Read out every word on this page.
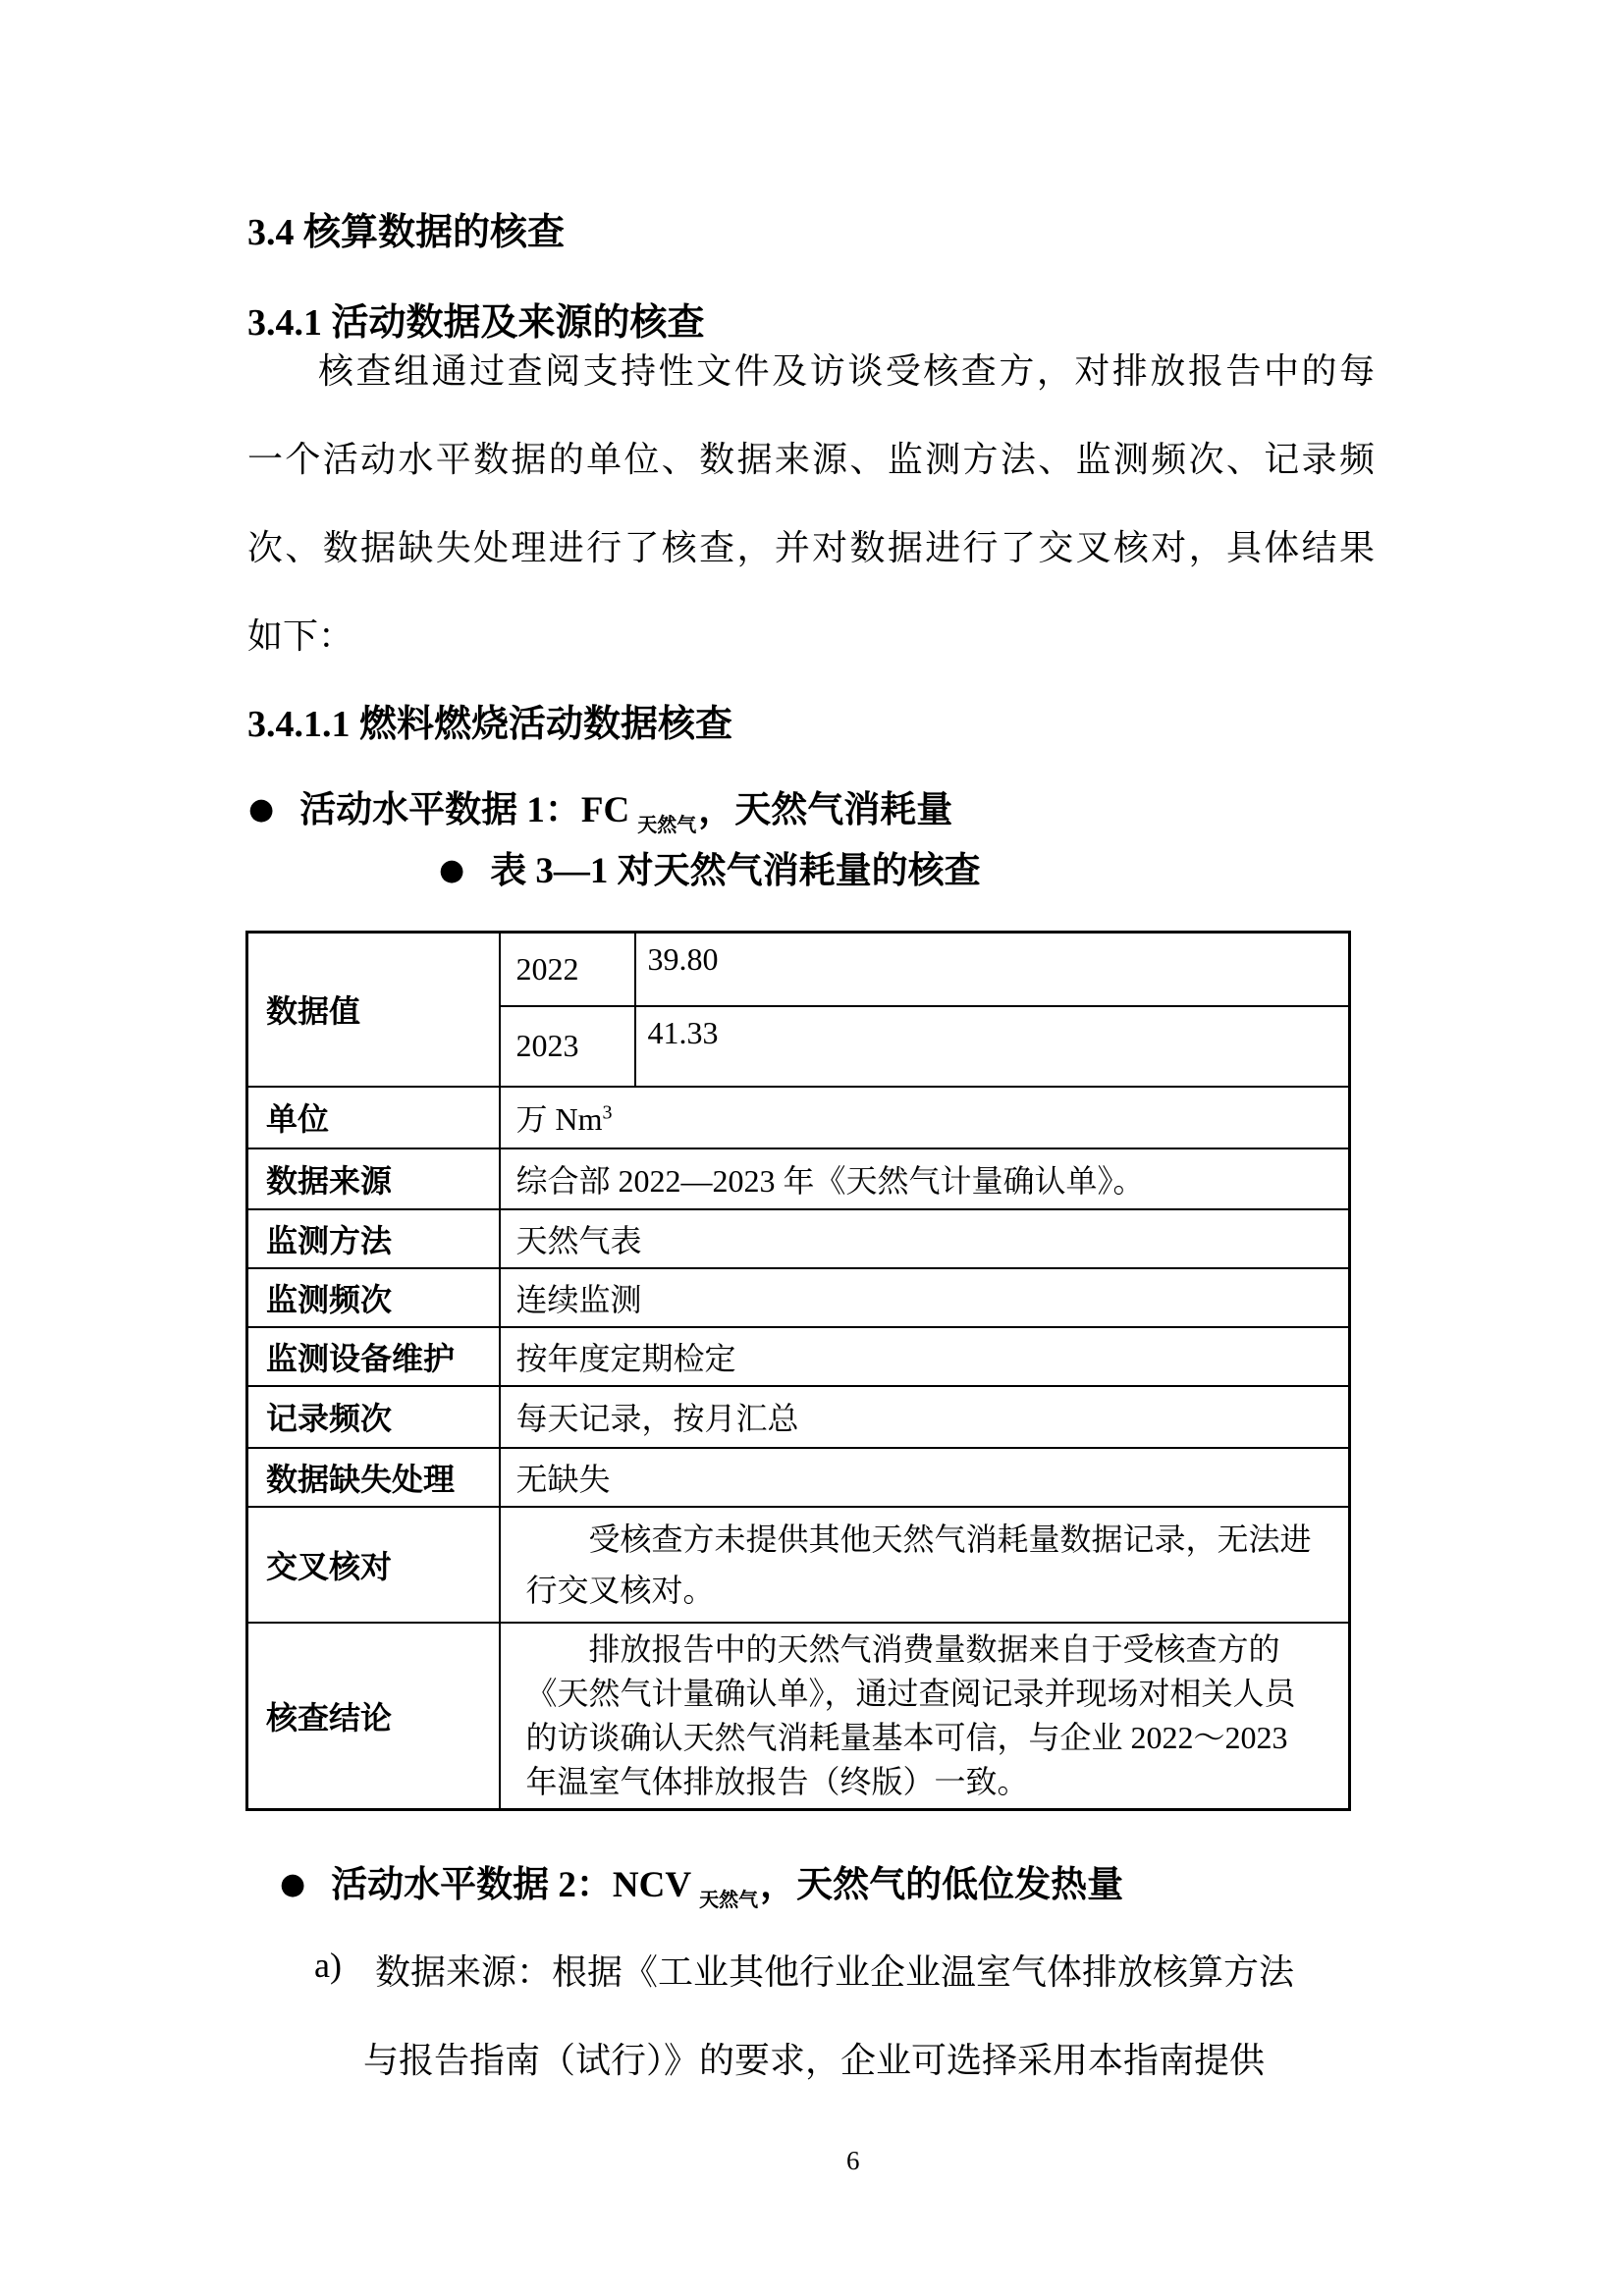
3.4 核算数据的核查
3.4.1 活动数据及来源的核查
核查组通过查阅支持性文件及访谈受核查方，对排放报告中的每
一个活动水平数据的单位、数据来源、监测方法、监测频次、记录频
次、数据缺失处理进行了核查，并对数据进行了交叉核对，具体结果
如下：
3.4.1.1 燃料燃烧活动数据核查
● 活动水平数据 1：FC $_{天然气}$，天然气消耗量
● 表 3—1 对天然气消耗量的核查
数据值	2022	39.80
	2023	41.33
单位	万 Nm$^3$
数据来源	综合部 2022—2023 年《天然气计量确认单》。	
监测方法	天然气表	
监测频次	连续监测	
监测设备维护	按年度定期检定	
记录频次	每天记录，按月汇总	
数据缺失处理	无缺失	
交叉核对	受核查方未提供其他天然气消耗量数据记录，无法进行交叉核对。	
核查结论	排放报告中的天然气消费量数据来自于受核查方的《天然气计量确认单》，通过查阅记录并现场对相关人员的访谈确认天然气消耗量基本可信，与企业 2022～2023 年温室气体排放报告（终版）一致。	
● 活动水平数据 2：NCV $_{天然气}$，天然气的低位发热量
a) 数据来源：根据《工业其他行业企业温室气体排放核算方法
与报告指南（试行）》的要求，企业可选择采用本指南提供
6
